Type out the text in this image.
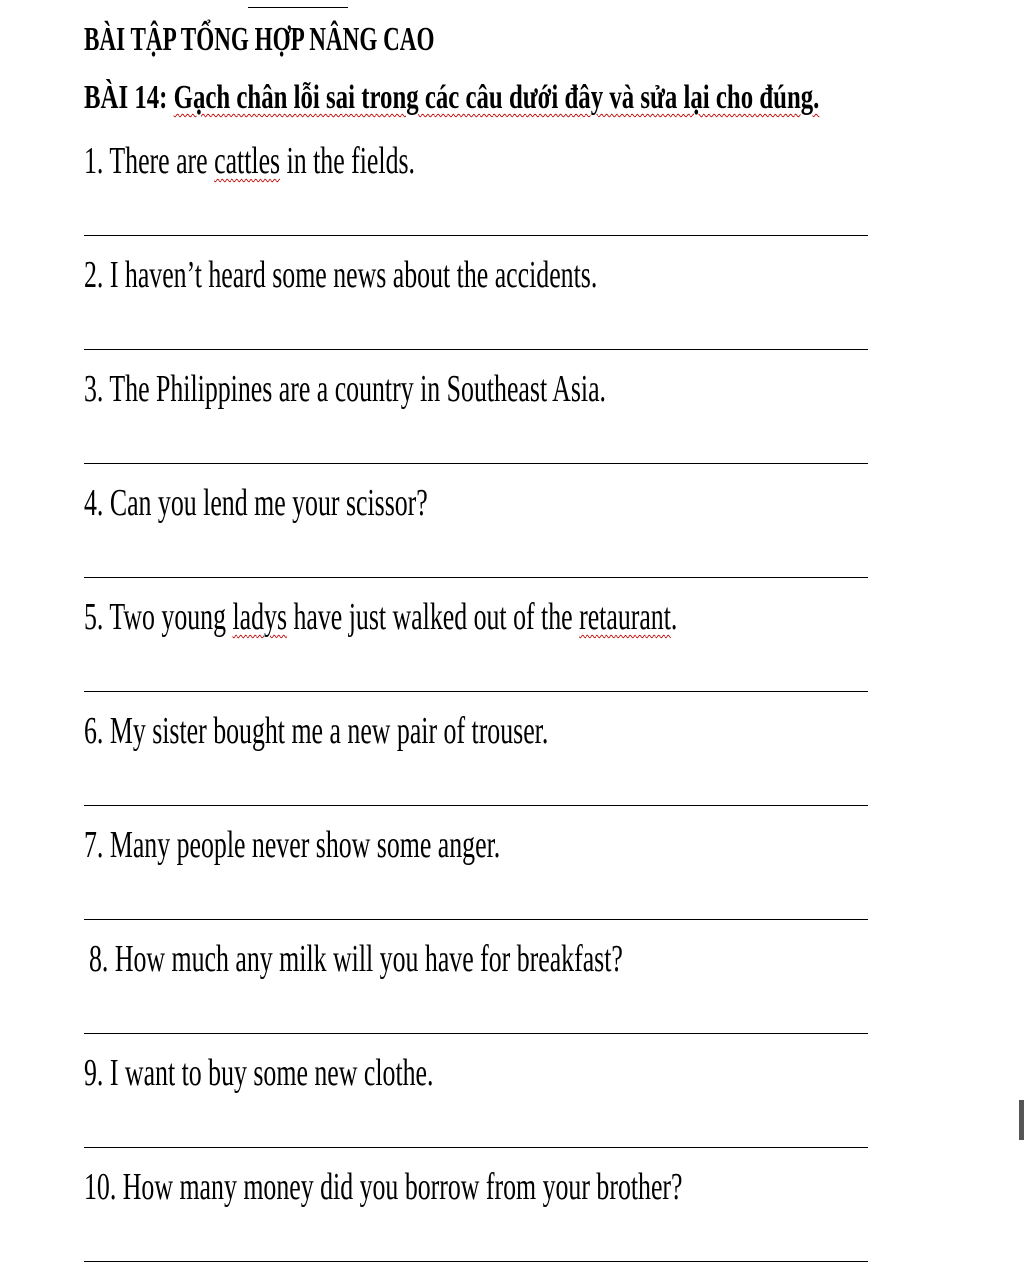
BÀI TẬP TỔNG HỢP NÂNG CAO
BÀI 14: Gạch chân lỗi sai trong các câu dưới đây và sửa lại cho đúng.
1. There are cattles in the fields.
2. I haven’t heard some news about the accidents.
3. The Philippines are a country in Southeast Asia.
4. Can you lend me your scissor?
5. Two young ladys have just walked out of the retaurant.
6. My sister bought me a new pair of trouser.
7. Many people never show some anger.
8. How much any milk will you have for breakfast?
9. I want to buy some new clothe.
10. How many money did you borrow from your brother?
